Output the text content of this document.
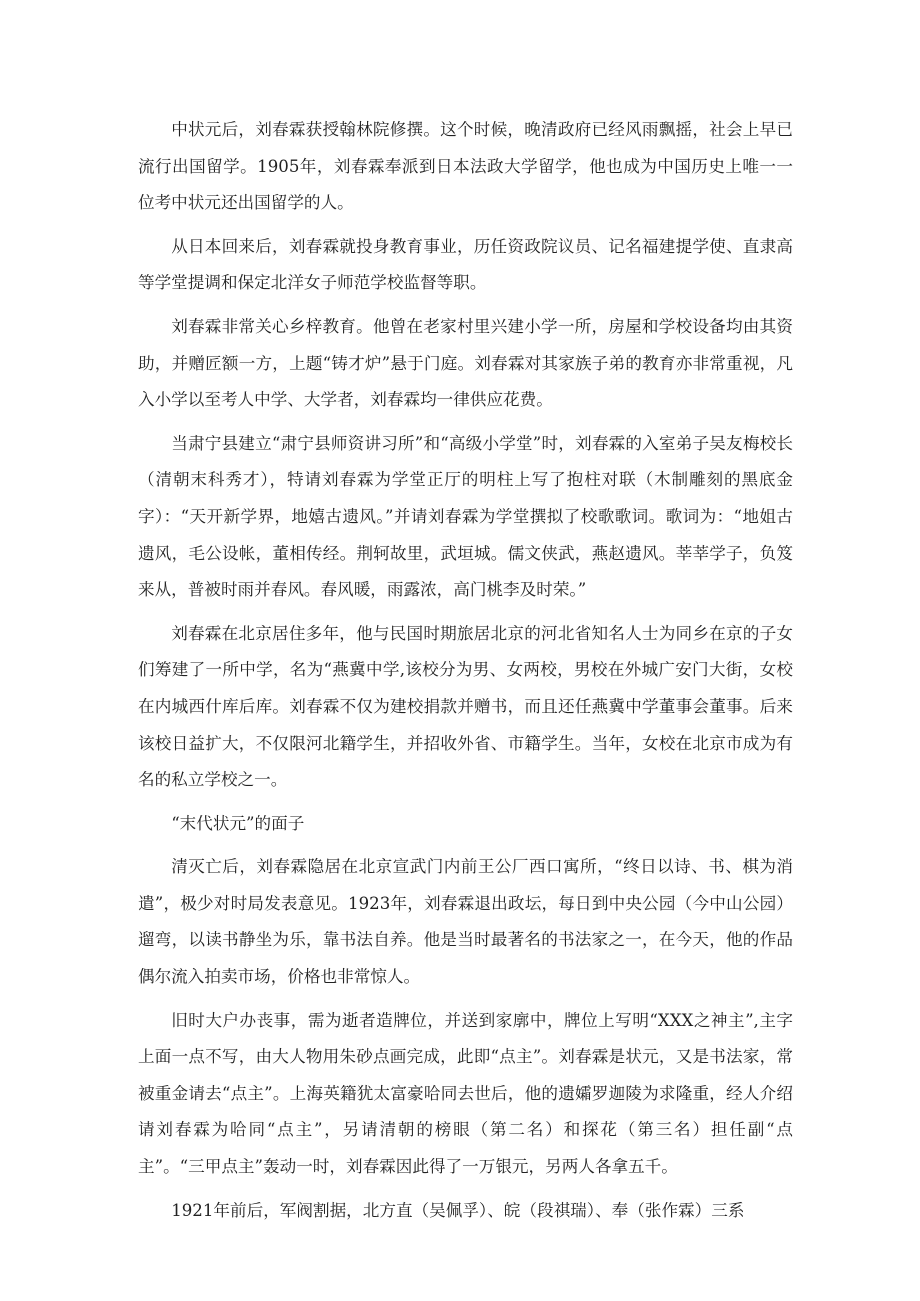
中状元后，刘春霖获授翰林院修撰。这个时候，晚清政府已经风雨飘摇，社会上早已流行出国留学。1905年，刘春霖奉派到日本法政大学留学，他也成为中国历史上唯一一位考中状元还出国留学的人。

从日本回来后，刘春霖就投身教育事业，历任资政院议员、记名福建提学使、直隶高等学堂提调和保定北洋女子师范学校监督等职。

刘春霖非常关心乡梓教育。他曾在老家村里兴建小学一所，房屋和学校设备均由其资助，并赠匠额一方，上题“铸才炉”悬于门庭。刘春霖对其家族子弟的教育亦非常重视，凡入小学以至考人中学、大学者，刘春霖均一律供应花费。

当肃宁县建立“肃宁县师资讲习所”和“高级小学堂”时，刘春霖的入室弟子吴友梅校长（清朝末科秀才），特请刘春霖为学堂正厅的明柱上写了抱柱对联（木制雕刻的黑底金字）：“天开新学界，地嬉古遗风。”并请刘春霖为学堂撰拟了校歌歌词。歌词为：“地姐古遗风，毛公设帐，董相传经。荆轲故里，武垣城。儒文侠武，燕赵遗风。莘莘学子，负笈来从，普被时雨并春风。春风暖，雨露浓，高门桃李及时荣。”

刘春霖在北京居住多年，他与民国时期旅居北京的河北省知名人士为同乡在京的子女们筹建了一所中学，名为“燕冀中学,该校分为男、女两校，男校在外城广安门大街，女校在内城西什库后库。刘春霖不仅为建校捐款并赠书，而且还任燕冀中学董事会董事。后来该校日益扩大，不仅限河北籍学生，并招收外省、市籍学生。当年，女校在北京市成为有名的私立学校之一。

“末代状元”的面子

清灭亡后，刘春霖隐居在北京宣武门内前王公厂西口寓所，“终日以诗、书、棋为消遣”，极少对时局发表意见。1923年，刘春霖退出政坛，每日到中央公园（今中山公园）遛弯，以读书静坐为乐，靠书法自养。他是当时最著名的书法家之一，在今天，他的作品偶尔流入拍卖市场，价格也非常惊人。

旧时大户办丧事，需为逝者造牌位，并送到家廓中，牌位上写明“XXX之神主”,主字上面一点不写，由大人物用朱砂点画完成，此即“点主”。刘春霖是状元，又是书法家，常被重金请去“点主”。上海英籍犹太富豪哈同去世后，他的遗孀罗迦陵为求隆重，经人介绍请刘春霖为哈同“点主”，另请清朝的榜眼（第二名）和探花（第三名）担任副“点主”。“三甲点主”轰动一时，刘春霖因此得了一万银元，另两人各拿五千。

1921年前后，军阀割据，北方直（吴佩孚）、皖（段祺瑞）、奉（张作霖）三系
